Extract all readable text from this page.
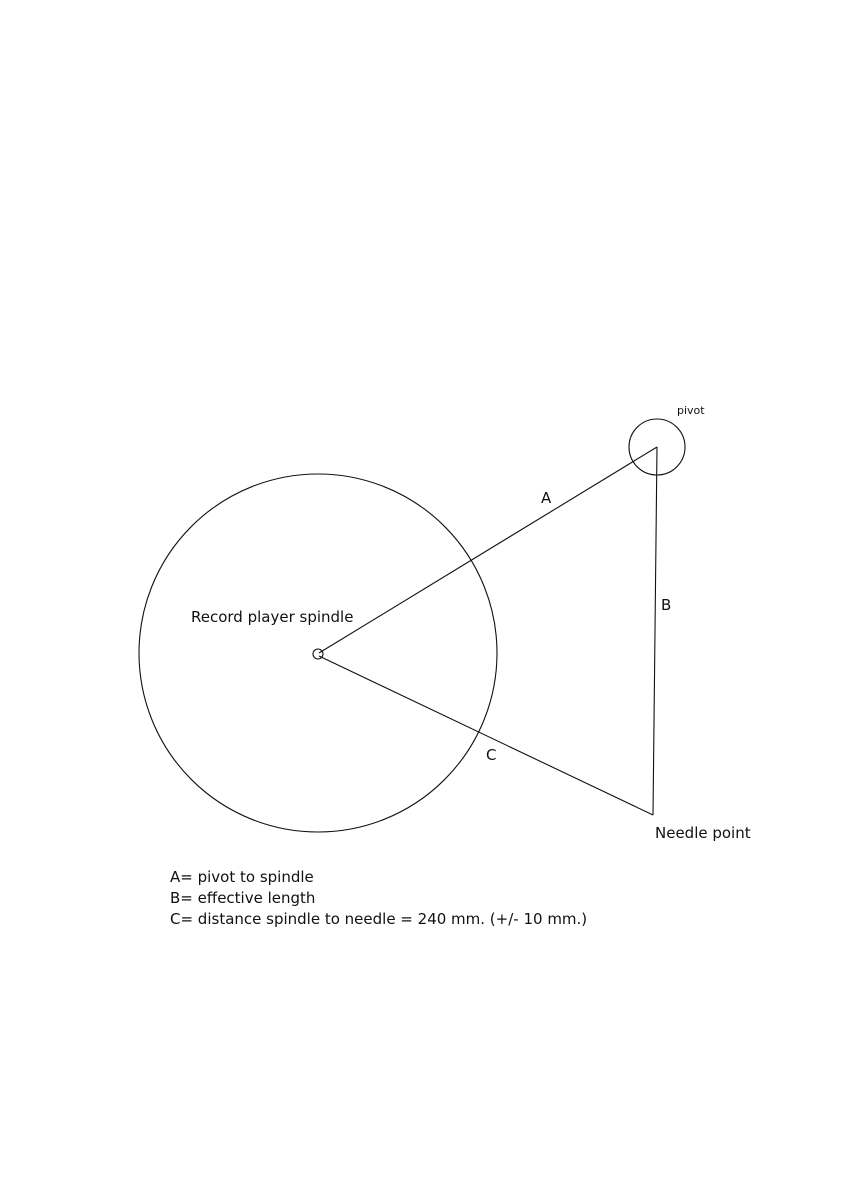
pivot
A
B
C
Record player spindle
Needle point
A= pivot to spindle
B= effective length
C= distance spindle to needle = 240 mm. (+/- 10 mm.)
